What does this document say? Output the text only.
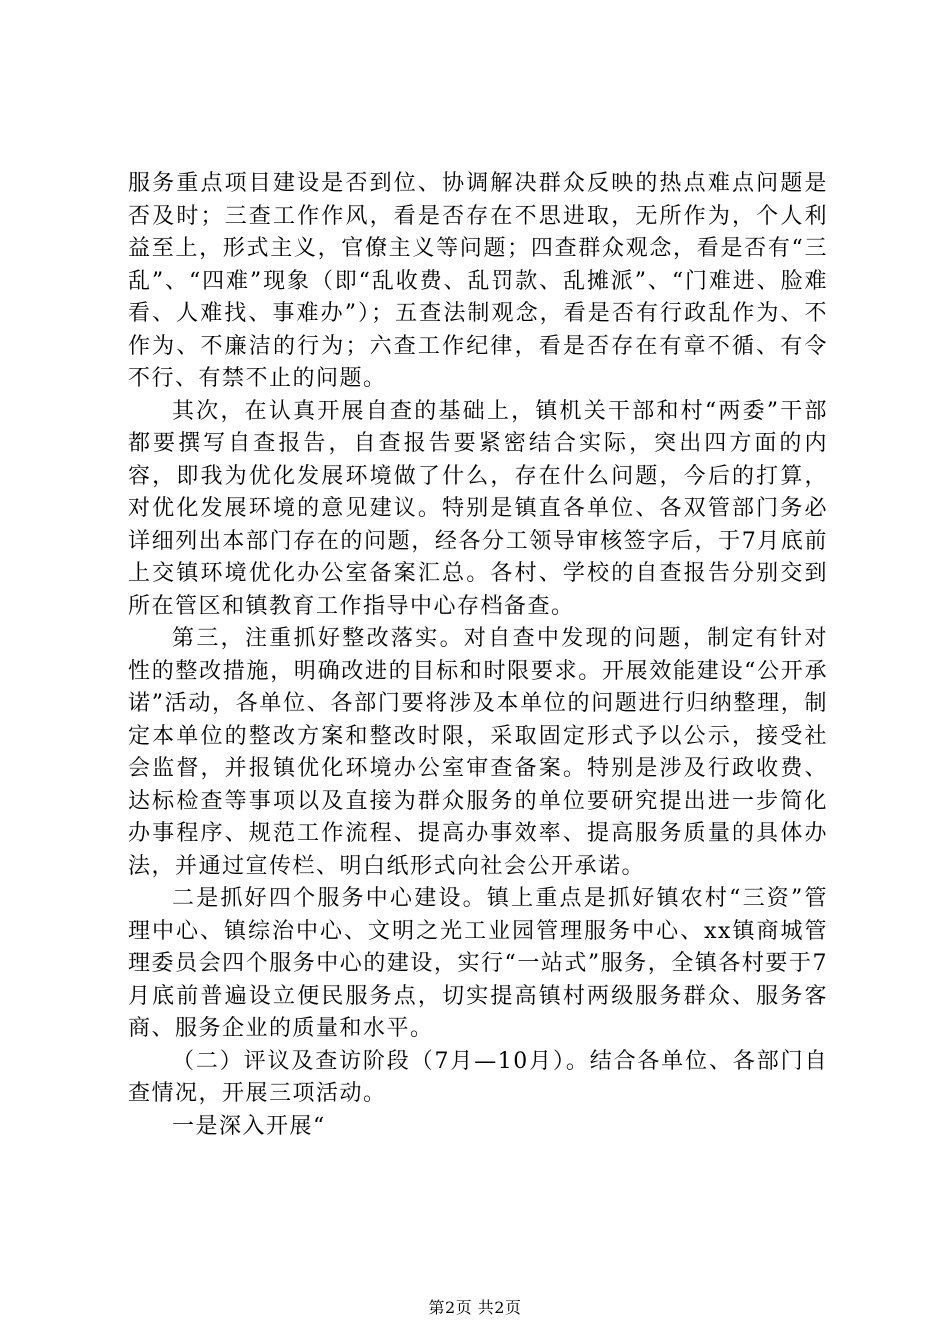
服务重点项目建设是否到位、协调解决群众反映的热点难点问题是否及时；三查工作作风，看是否存在不思进取，无所作为，个人利益至上，形式主义，官僚主义等问题；四查群众观念，看是否有“三乱”、“四难”现象（即“乱收费、乱罚款、乱摊派”、“门难进、脸难看、人难找、事难办”）；五查法制观念，看是否有行政乱作为、不作为、不廉洁的行为；六查工作纪律，看是否存在有章不循、有令不行、有禁不止的问题。

其次，在认真开展自查的基础上，镇机关干部和村“两委”干部都要撰写自查报告，自查报告要紧密结合实际，突出四方面的内容，即我为优化发展环境做了什么，存在什么问题，今后的打算，对优化发展环境的意见建议。特别是镇直各单位、各双管部门务必详细列出本部门存在的问题，经各分工领导审核签字后，于7月底前上交镇环境优化办公室备案汇总。各村、学校的自查报告分别交到所在管区和镇教育工作指导中心存档备查。

第三，注重抓好整改落实。对自查中发现的问题，制定有针对性的整改措施，明确改进的目标和时限要求。开展效能建设“公开承诺”活动，各单位、各部门要将涉及本单位的问题进行归纳整理，制定本单位的整改方案和整改时限，采取固定形式予以公示，接受社会监督，并报镇优化环境办公室审查备案。特别是涉及行政收费、达标检查等事项以及直接为群众服务的单位要研究提出进一步简化办事程序、规范工作流程、提高办事效率、提高服务质量的具体办法，并通过宣传栏、明白纸形式向社会公开承诺。

二是抓好四个服务中心建设。镇上重点是抓好镇农村“三资”管理中心、镇综治中心、文明之光工业园管理服务中心、xx镇商城管理委员会四个服务中心的建设，实行“一站式”服务，全镇各村要于7月底前普遍设立便民服务点，切实提高镇村两级服务群众、服务客商、服务企业的质量和水平。

（二）评议及查访阶段（7月—10月）。结合各单位、各部门自查情况，开展三项活动。

一是深入开展“

第2页 共2页
